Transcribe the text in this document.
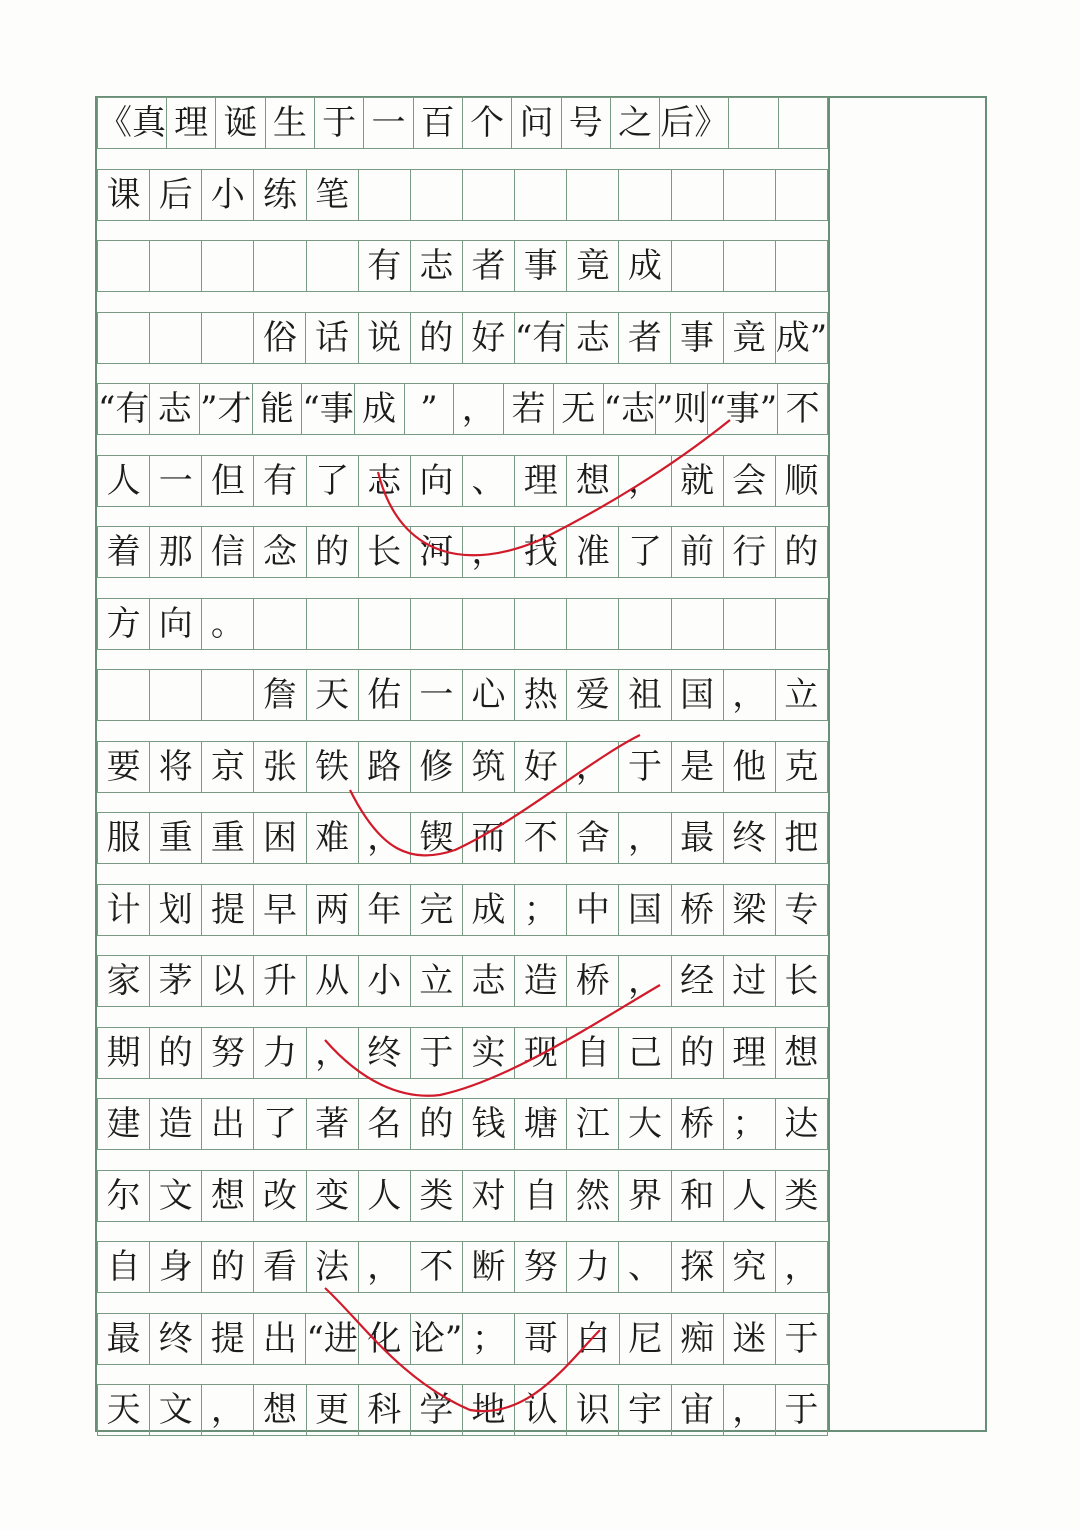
《真 理 诞 生 于 一 百 个 问 号 之 后》
课 后 小 练 笔
有 志 者 事 竟 成
俗 话 说 的 好 “有 志 者 事 竟 成”
“有 志 ”才 能 “事 成 ” ， 若 无 “志 ”则 “事” 不
人 一 但 有 了 志 向 、 理 想 ， 就 会 顺
着 那 信 念 的 长 河 ， 找 准 了 前 行 的
方 向 。
詹 天 佑 一 心 热 爱 祖 国 ， 立
要 将 京 张 铁 路 修 筑 好 ， 于 是 他 克
服 重 重 困 难 ， 锲 而 不 舍 ， 最 终 把
计 划 提 早 两 年 完 成 ； 中 国 桥 梁 专
家 茅 以 升 从 小 立 志 造 桥 ， 经 过 长
期 的 努 力 ， 终 于 实 现 自 己 的 理 想
建 造 出 了 著 名 的 钱 塘 江 大 桥 ； 达
尔 文 想 改 变 人 类 对 自 然 界 和 人 类
自 身 的 看 法 ， 不 断 努 力 、 探 究 ，
最 终 提 出 “进 化 论” ； 哥 白 尼 痴 迷 于
天 文 ， 想 更 科 学 地 认 识 宇 宙 ， 于
